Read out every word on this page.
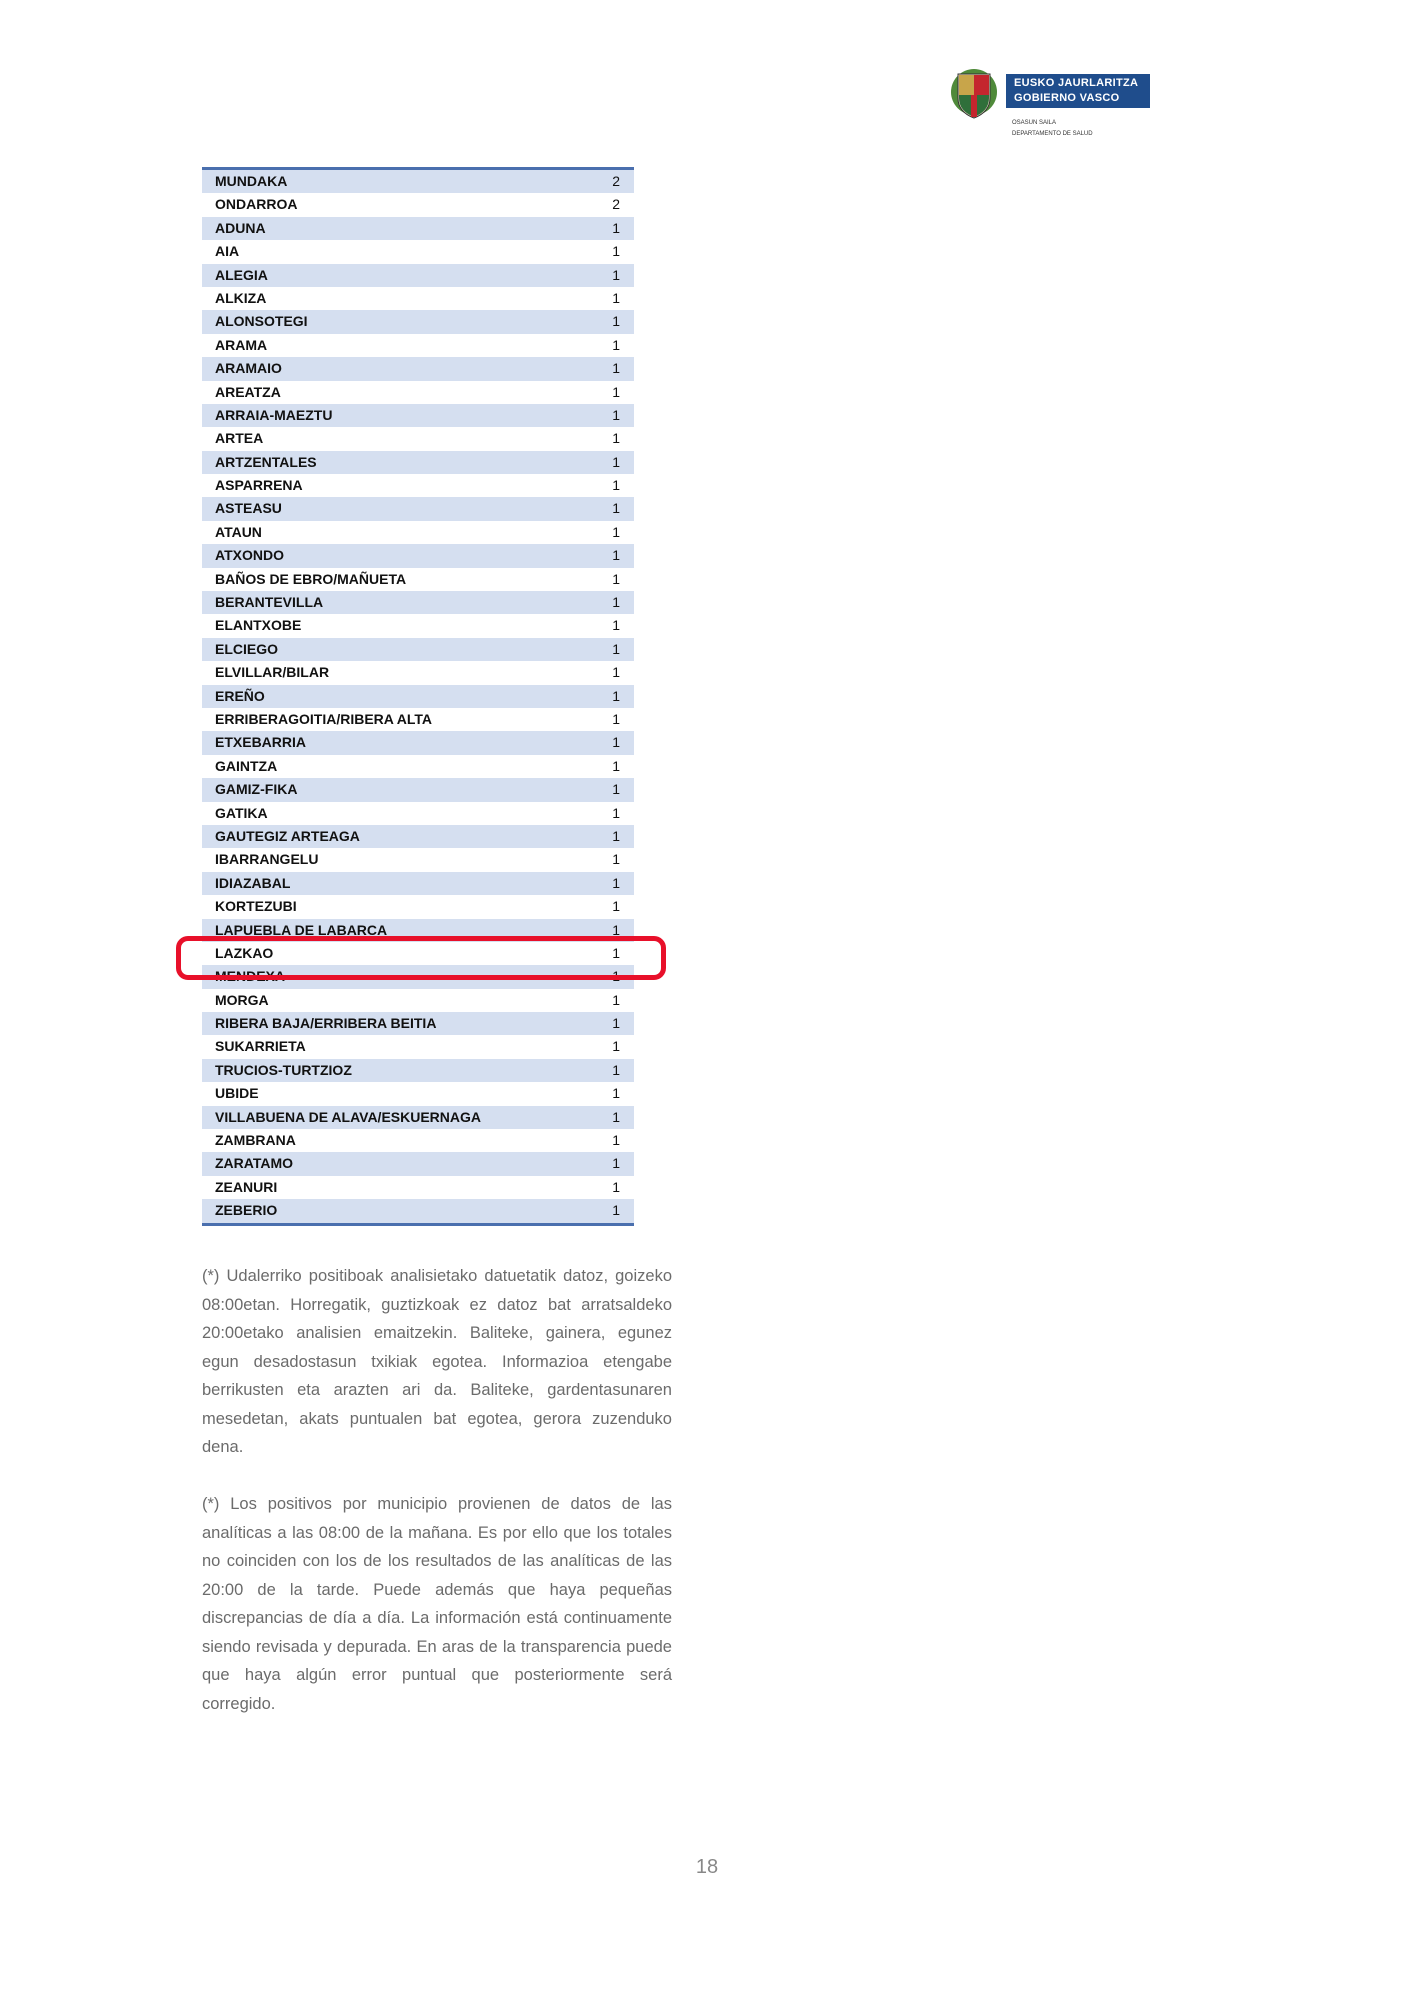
EUSKO JAURLARITZA
GOBIERNO VASCO
OSASUN SAILA
DEPARTAMENTO DE SALUD
MUNDAKA	2
ONDARROA	2
ADUNA	1
AIA	1
ALEGIA	1
ALKIZA	1
ALONSOTEGI	1
ARAMA	1
ARAMAIO	1
AREATZA	1
ARRAIA-MAEZTU	1
ARTEA	1
ARTZENTALES	1
ASPARRENA	1
ASTEASU	1
ATAUN	1
ATXONDO	1
BAÑOS DE EBRO/MAÑUETA	1
BERANTEVILLA	1
ELANTXOBE	1
ELCIEGO	1
ELVILLAR/BILAR	1
EREÑO	1
ERRIBERAGOITIA/RIBERA ALTA	1
ETXEBARRIA	1
GAINTZA	1
GAMIZ-FIKA	1
GATIKA	1
GAUTEGIZ ARTEAGA	1
IBARRANGELU	1
IDIAZABAL	1
KORTEZUBI	1
LAPUEBLA DE LABARCA	1
LAZKAO	1
MENDEXA	1
MORGA	1
RIBERA BAJA/ERRIBERA BEITIA	1
SUKARRIETA	1
TRUCIOS-TURTZIOZ	1
UBIDE	1
VILLABUENA DE ALAVA/ESKUERNAGA	1
ZAMBRANA	1
ZARATAMO	1
ZEANURI	1
ZEBERIO	1

(*) Udalerriko positiboak analisietako datuetatik datoz, goizeko 08:00etan. Horregatik, guztizkoak ez datoz bat arratsaldeko 20:00etako analisien emaitzekin. Baliteke, gainera, egunez egun desadostasun txikiak egotea. Informazioa etengabe berrikusten eta arazten ari da. Baliteke, gardentasunaren mesedetan, akats puntualen bat egotea, gerora zuzenduko dena.

(*) Los positivos por municipio provienen de datos de las analíticas a las 08:00 de la mañana. Es por ello que los totales no coinciden con los de los resultados de las analíticas de las 20:00 de la tarde. Puede además que haya pequeñas discrepancias de día a día. La información está continuamente siendo revisada y depurada. En aras de la transparencia puede que haya algún error puntual que posteriormente será corregido.

18
